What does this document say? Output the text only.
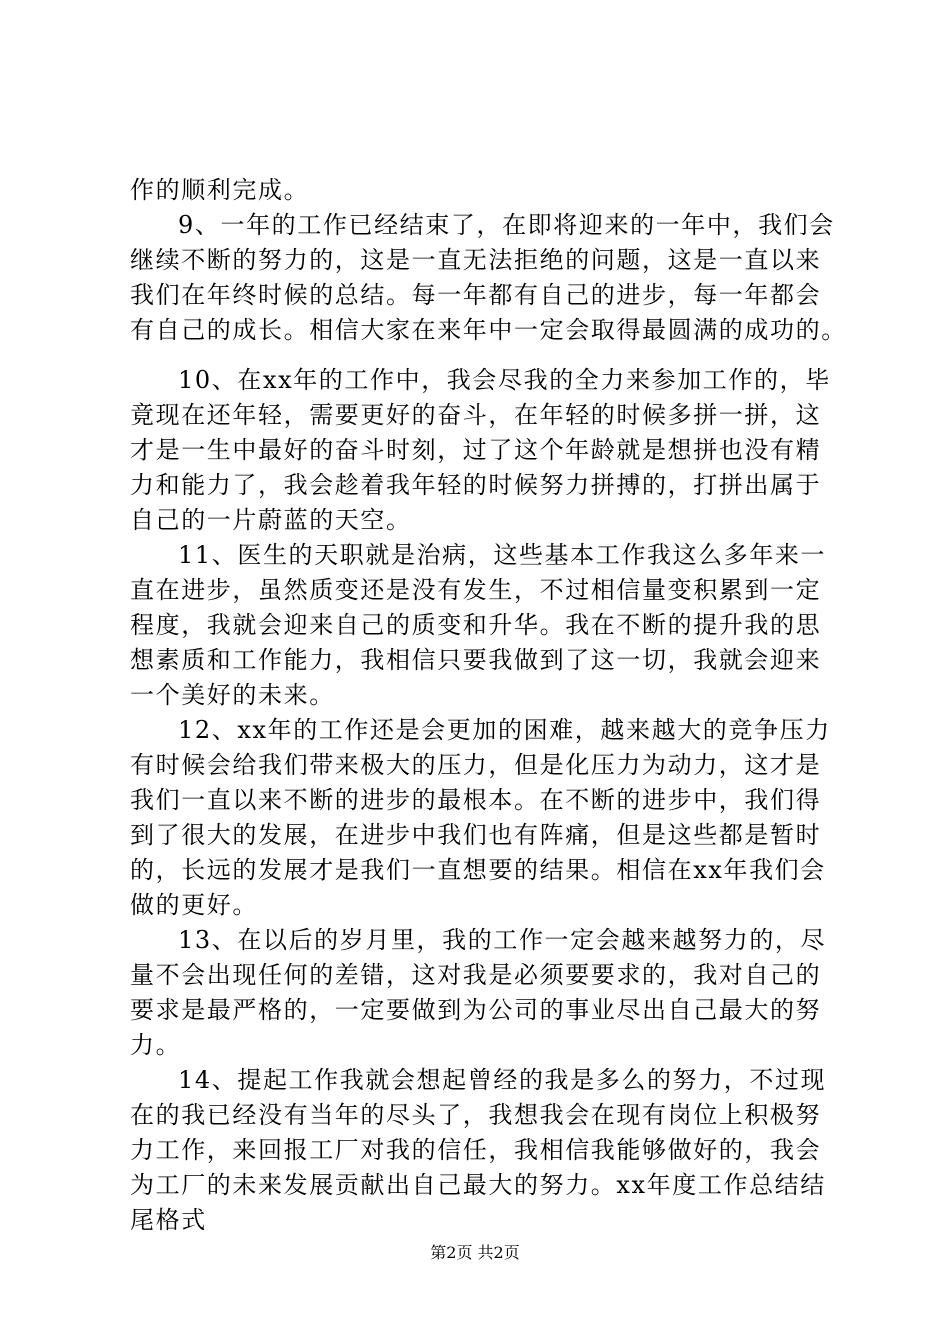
作的顺利完成。
9、一年的工作已经结束了，在即将迎来的一年中，我们会
继续不断的努力的，这是一直无法拒绝的问题，这是一直以来
我们在年终时候的总结。每一年都有自己的进步，每一年都会
有自己的成长。相信大家在来年中一定会取得最圆满的成功的。
10、在xx年的工作中，我会尽我的全力来参加工作的，毕
竟现在还年轻，需要更好的奋斗，在年轻的时候多拼一拼，这
才是一生中最好的奋斗时刻，过了这个年龄就是想拼也没有精
力和能力了，我会趁着我年轻的时候努力拼搏的，打拼出属于
自己的一片蔚蓝的天空。
11、医生的天职就是治病，这些基本工作我这么多年来一
直在进步，虽然质变还是没有发生，不过相信量变积累到一定
程度，我就会迎来自己的质变和升华。我在不断的提升我的思
想素质和工作能力，我相信只要我做到了这一切，我就会迎来
一个美好的未来。
12、xx年的工作还是会更加的困难，越来越大的竞争压力
有时候会给我们带来极大的压力，但是化压力为动力，这才是
我们一直以来不断的进步的最根本。在不断的进步中，我们得
到了很大的发展，在进步中我们也有阵痛，但是这些都是暂时
的，长远的发展才是我们一直想要的结果。相信在xx年我们会
做的更好。
13、在以后的岁月里，我的工作一定会越来越努力的，尽
量不会出现任何的差错，这对我是必须要要求的，我对自己的
要求是最严格的，一定要做到为公司的事业尽出自己最大的努
力。
14、提起工作我就会想起曾经的我是多么的努力，不过现
在的我已经没有当年的尽头了，我想我会在现有岗位上积极努
力工作，来回报工厂对我的信任，我相信我能够做好的，我会
为工厂的未来发展贡献出自己最大的努力。xx年度工作总结结
尾格式
第2页 共2页
